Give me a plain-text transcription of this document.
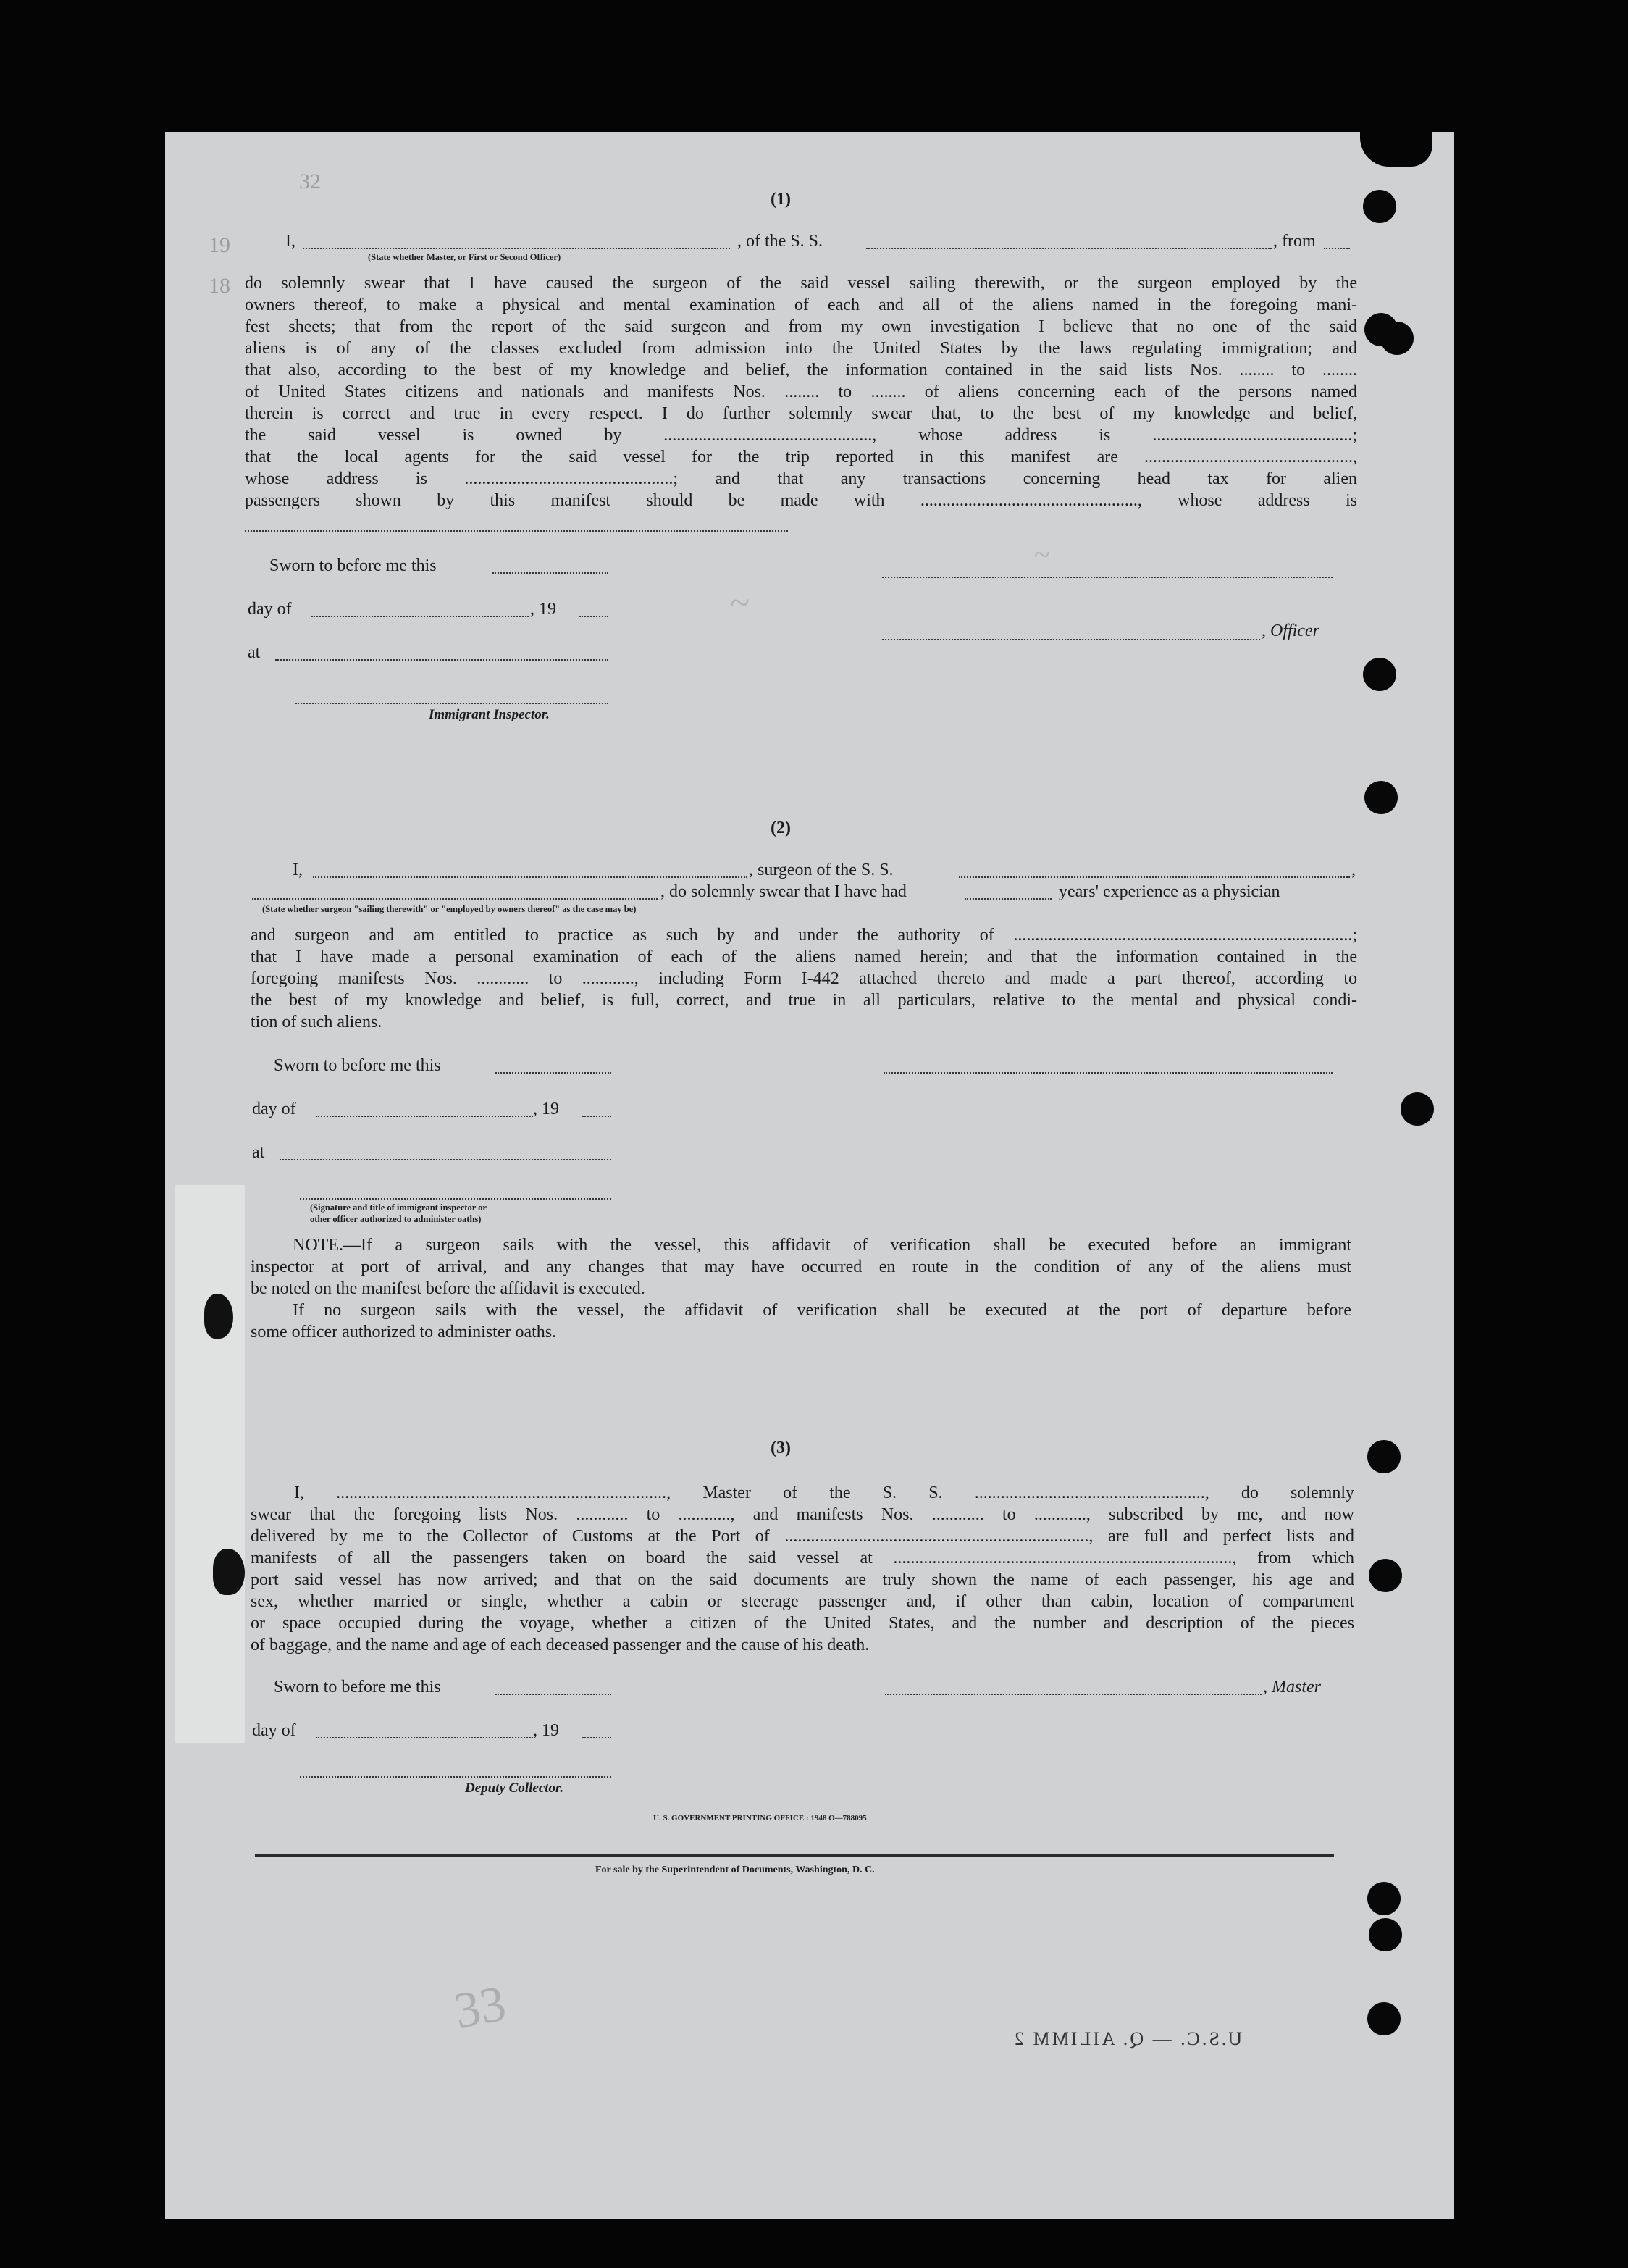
32
19
18
33	U.S.C. — Q. AILIMM 2
(1)
I,	, of the S. S.	, from
(State whether Master, or First or Second Officer)
do solemnly swear that I have caused the surgeon of the said vessel sailing therewith, or the surgeon employed by the
owners thereof, to make a physical and mental examination of each and all of the aliens named in the foregoing mani-
fest sheets; that from the report of the said surgeon and from my own investigation I believe that no one of the said
aliens is of any of the classes excluded from admission into the United States by the laws regulating immigration; and
that also, according to the best of my knowledge and belief, the information contained in the said lists Nos. ........ to ........
of United States citizens and nationals and manifests Nos. ........ to ........ of aliens concerning each of the persons named
therein is correct and true in every respect. I do further solemnly swear that, to the best of my knowledge and belief,
the said vessel is owned by ................................................, whose address is ..............................................;
that the local agents for the said vessel for the trip reported in this manifest are ................................................,
whose address is ................................................; and that any transactions concerning head tax for alien
passengers shown by this manifest should be made with .................................................., whose address is
~
~
Sworn to before me this
day of	, 19
, Officer
at
Immigrant Inspector.
(2)
I,	, surgeon of the S. S.	,
, do solemnly swear that I have had	years' experience as a physician
(State whether surgeon "sailing therewith" or "employed by owners thereof" as the case may be)
and surgeon and am entitled to practice as such by and under the authority of ..............................................................................;
that I have made a personal examination of each of the aliens named herein; and that the information contained in the
foregoing manifests Nos. ............ to ............, including Form I-442 attached thereto and made a part thereof, according to
the best of my knowledge and belief, is full, correct, and true in all particulars, relative to the mental and physical condi-
tion of such aliens.
Sworn to before me this
day of	, 19
at
(Signature and title of immigrant inspector or
other officer authorized to administer oaths)
NOTE.—If a surgeon sails with the vessel, this affidavit of verification shall be executed before an immigrant
inspector at port of arrival, and any changes that may have occurred en route in the condition of any of the aliens must
be noted on the manifest before the affidavit is executed.
If no surgeon sails with the vessel, the affidavit of verification shall be executed at the port of departure before
some officer authorized to administer oaths.
(3)
I, ............................................................................, Master of the S. S. ....................................................., do solemnly
swear that the foregoing lists Nos. ............ to ............, and manifests Nos. ............ to ............, subscribed by me, and now
delivered by me to the Collector of Customs at the Port of ......................................................................, are full and perfect lists and
manifests of all the passengers taken on board the said vessel at .............................................................................., from which
port said vessel has now arrived; and that on the said documents are truly shown the name of each passenger, his age and
sex, whether married or single, whether a cabin or steerage passenger and, if other than cabin, location of compartment
or space occupied during the voyage, whether a citizen of the United States, and the number and description of the pieces
of baggage, and the name and age of each deceased passenger and the cause of his death.
Sworn to before me this	, Master
day of	, 19
Deputy Collector.
U. S. GOVERNMENT PRINTING OFFICE : 1948 O—788095
For sale by the Superintendent of Documents, Washington, D. C.
